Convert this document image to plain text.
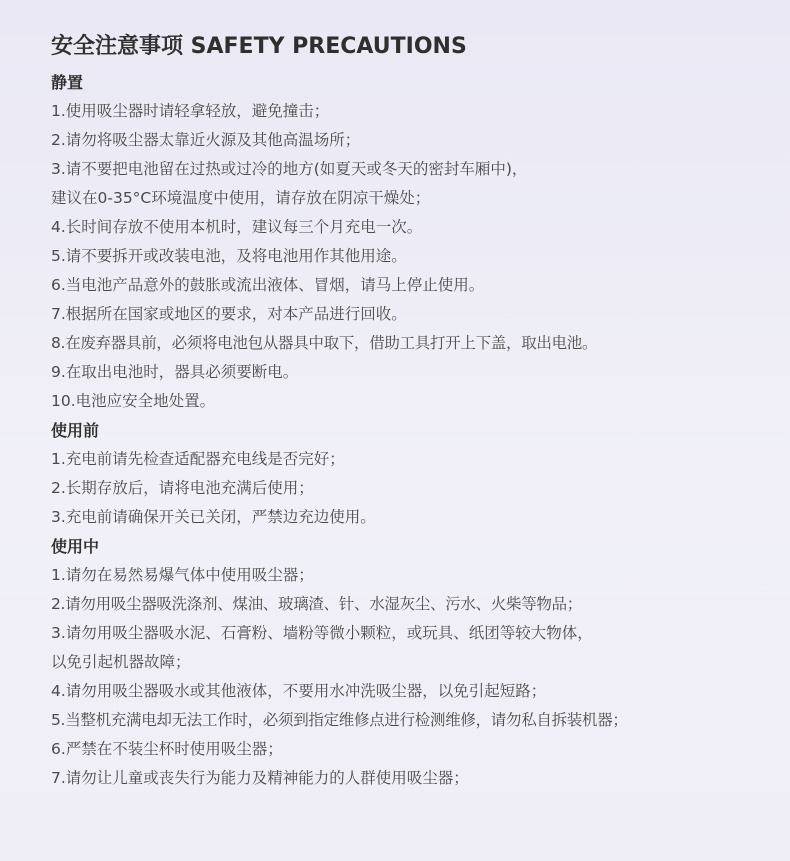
安全注意事项 SAFETY PRECAUTIONS
静置
1.使用吸尘器时请轻拿轻放，避免撞击；
2.请勿将吸尘器太靠近火源及其他高温场所；
3.请不要把电池留在过热或过冷的地方(如夏天或冬天的密封车厢中)，
建议在0-35°C环境温度中使用，请存放在阴凉干燥处；
4.长时间存放不使用本机时，建议每三个月充电一次。
5.请不要拆开或改装电池，及将电池用作其他用途。
6.当电池产品意外的鼓胀或流出液体、冒烟，请马上停止使用。
7.根据所在国家或地区的要求，对本产品进行回收。
8.在废弃器具前，必须将电池包从器具中取下，借助工具打开上下盖，取出电池。
9.在取出电池时，器具必须要断电。
10.电池应安全地处置。
使用前
1.充电前请先检查适配器充电线是否完好；
2.长期存放后，请将电池充满后使用；
3.充电前请确保开关已关闭，严禁边充边使用。
使用中
1.请勿在易然易爆气体中使用吸尘器；
2.请勿用吸尘器吸洗涤剂、煤油、玻璃渣、针、水湿灰尘、污水、火柴等物品；
3.请勿用吸尘器吸水泥、石膏粉、墙粉等微小颗粒，或玩具、纸团等较大物体，
以免引起机器故障；
4.请勿用吸尘器吸水或其他液体，不要用水冲洗吸尘器，以免引起短路；
5.当整机充满电却无法工作时，必须到指定维修点进行检测维修，请勿私自拆装机器；
6.严禁在不装尘杯时使用吸尘器；
7.请勿让儿童或丧失行为能力及精神能力的人群使用吸尘器；
